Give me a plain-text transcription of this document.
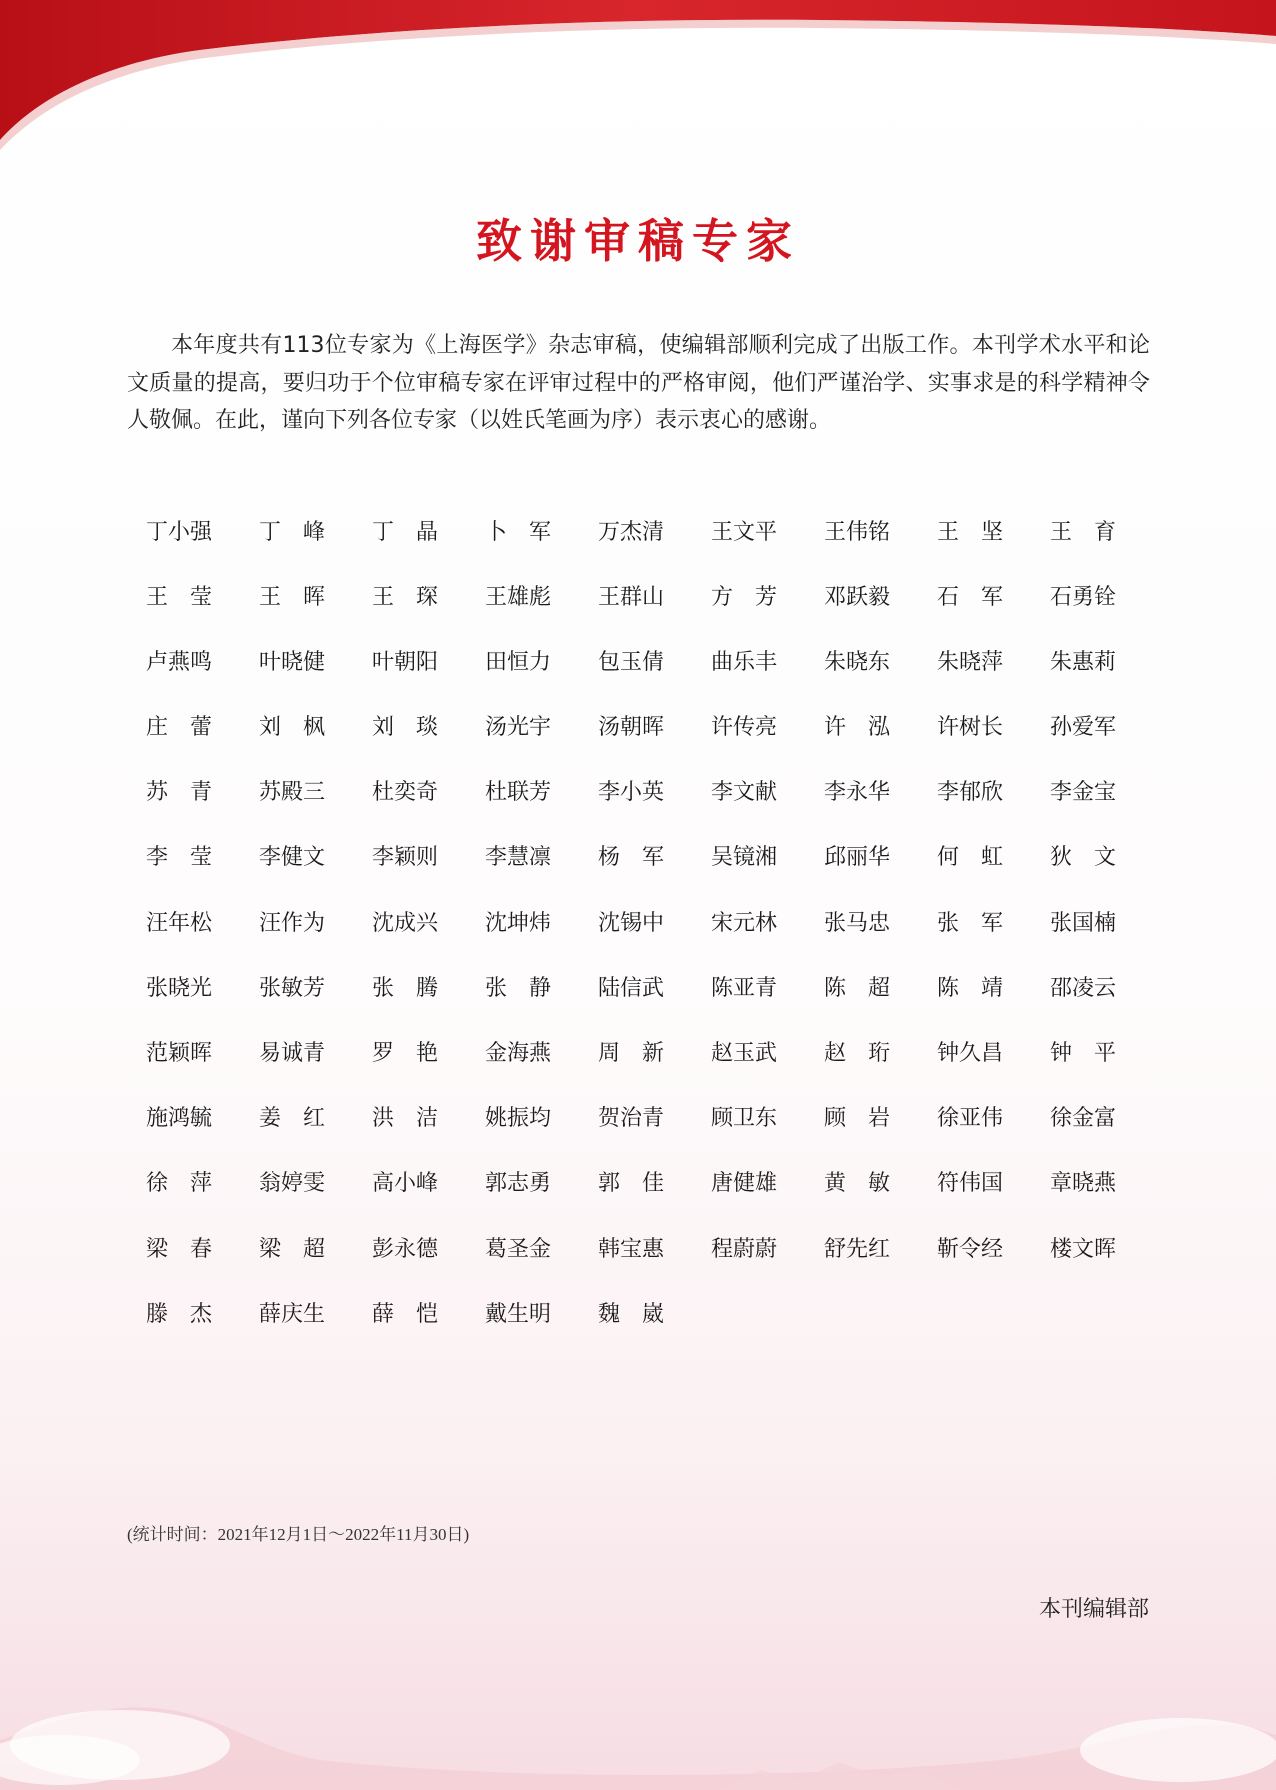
致谢审稿专家

本年度共有113位专家为《上海医学》杂志审稿，使编辑部顺利完成了出版工作。本刊学术水平和论文质量的提高，要归功于个位审稿专家在评审过程中的严格审阅，他们严谨治学、实事求是的科学精神令人敬佩。在此，谨向下列各位专家（以姓氏笔画为序）表示衷心的感谢。

丁小强 丁 峰 丁 晶 卜 军 万杰清 王文平 王伟铭 王 坚 王 育
王 莹 王 晖 王 琛 王雄彪 王群山 方 芳 邓跃毅 石 军 石勇铨
卢燕鸣 叶晓健 叶朝阳 田恒力 包玉倩 曲乐丰 朱晓东 朱晓萍 朱惠莉
庄 蕾 刘 枫 刘 琰 汤光宇 汤朝晖 许传亮 许 泓 许树长 孙爱军
苏 青 苏殿三 杜奕奇 杜联芳 李小英 李文献 李永华 李郁欣 李金宝
李 莹 李健文 李颖则 李慧凛 杨 军 吴镜湘 邱丽华 何 虹 狄 文
汪年松 汪作为 沈成兴 沈坤炜 沈锡中 宋元林 张马忠 张 军 张国楠
张晓光 张敏芳 张 腾 张 静 陆信武 陈亚青 陈 超 陈 靖 邵凌云
范颖晖 易诚青 罗 艳 金海燕 周 新 赵玉武 赵 珩 钟久昌 钟 平
施鸿毓 姜 红 洪 洁 姚振均 贺治青 顾卫东 顾 岩 徐亚伟 徐金富
徐 萍 翁婷雯 高小峰 郭志勇 郭 佳 唐健雄 黄 敏 符伟国 章晓燕
梁 春 梁 超 彭永德 葛圣金 韩宝惠 程蔚蔚 舒先红 靳令经 楼文晖
滕 杰 薛庆生 薛 恺 戴生明 魏 崴
(统计时间：2021年12月1日～2022年11月30日)
本刊编辑部
